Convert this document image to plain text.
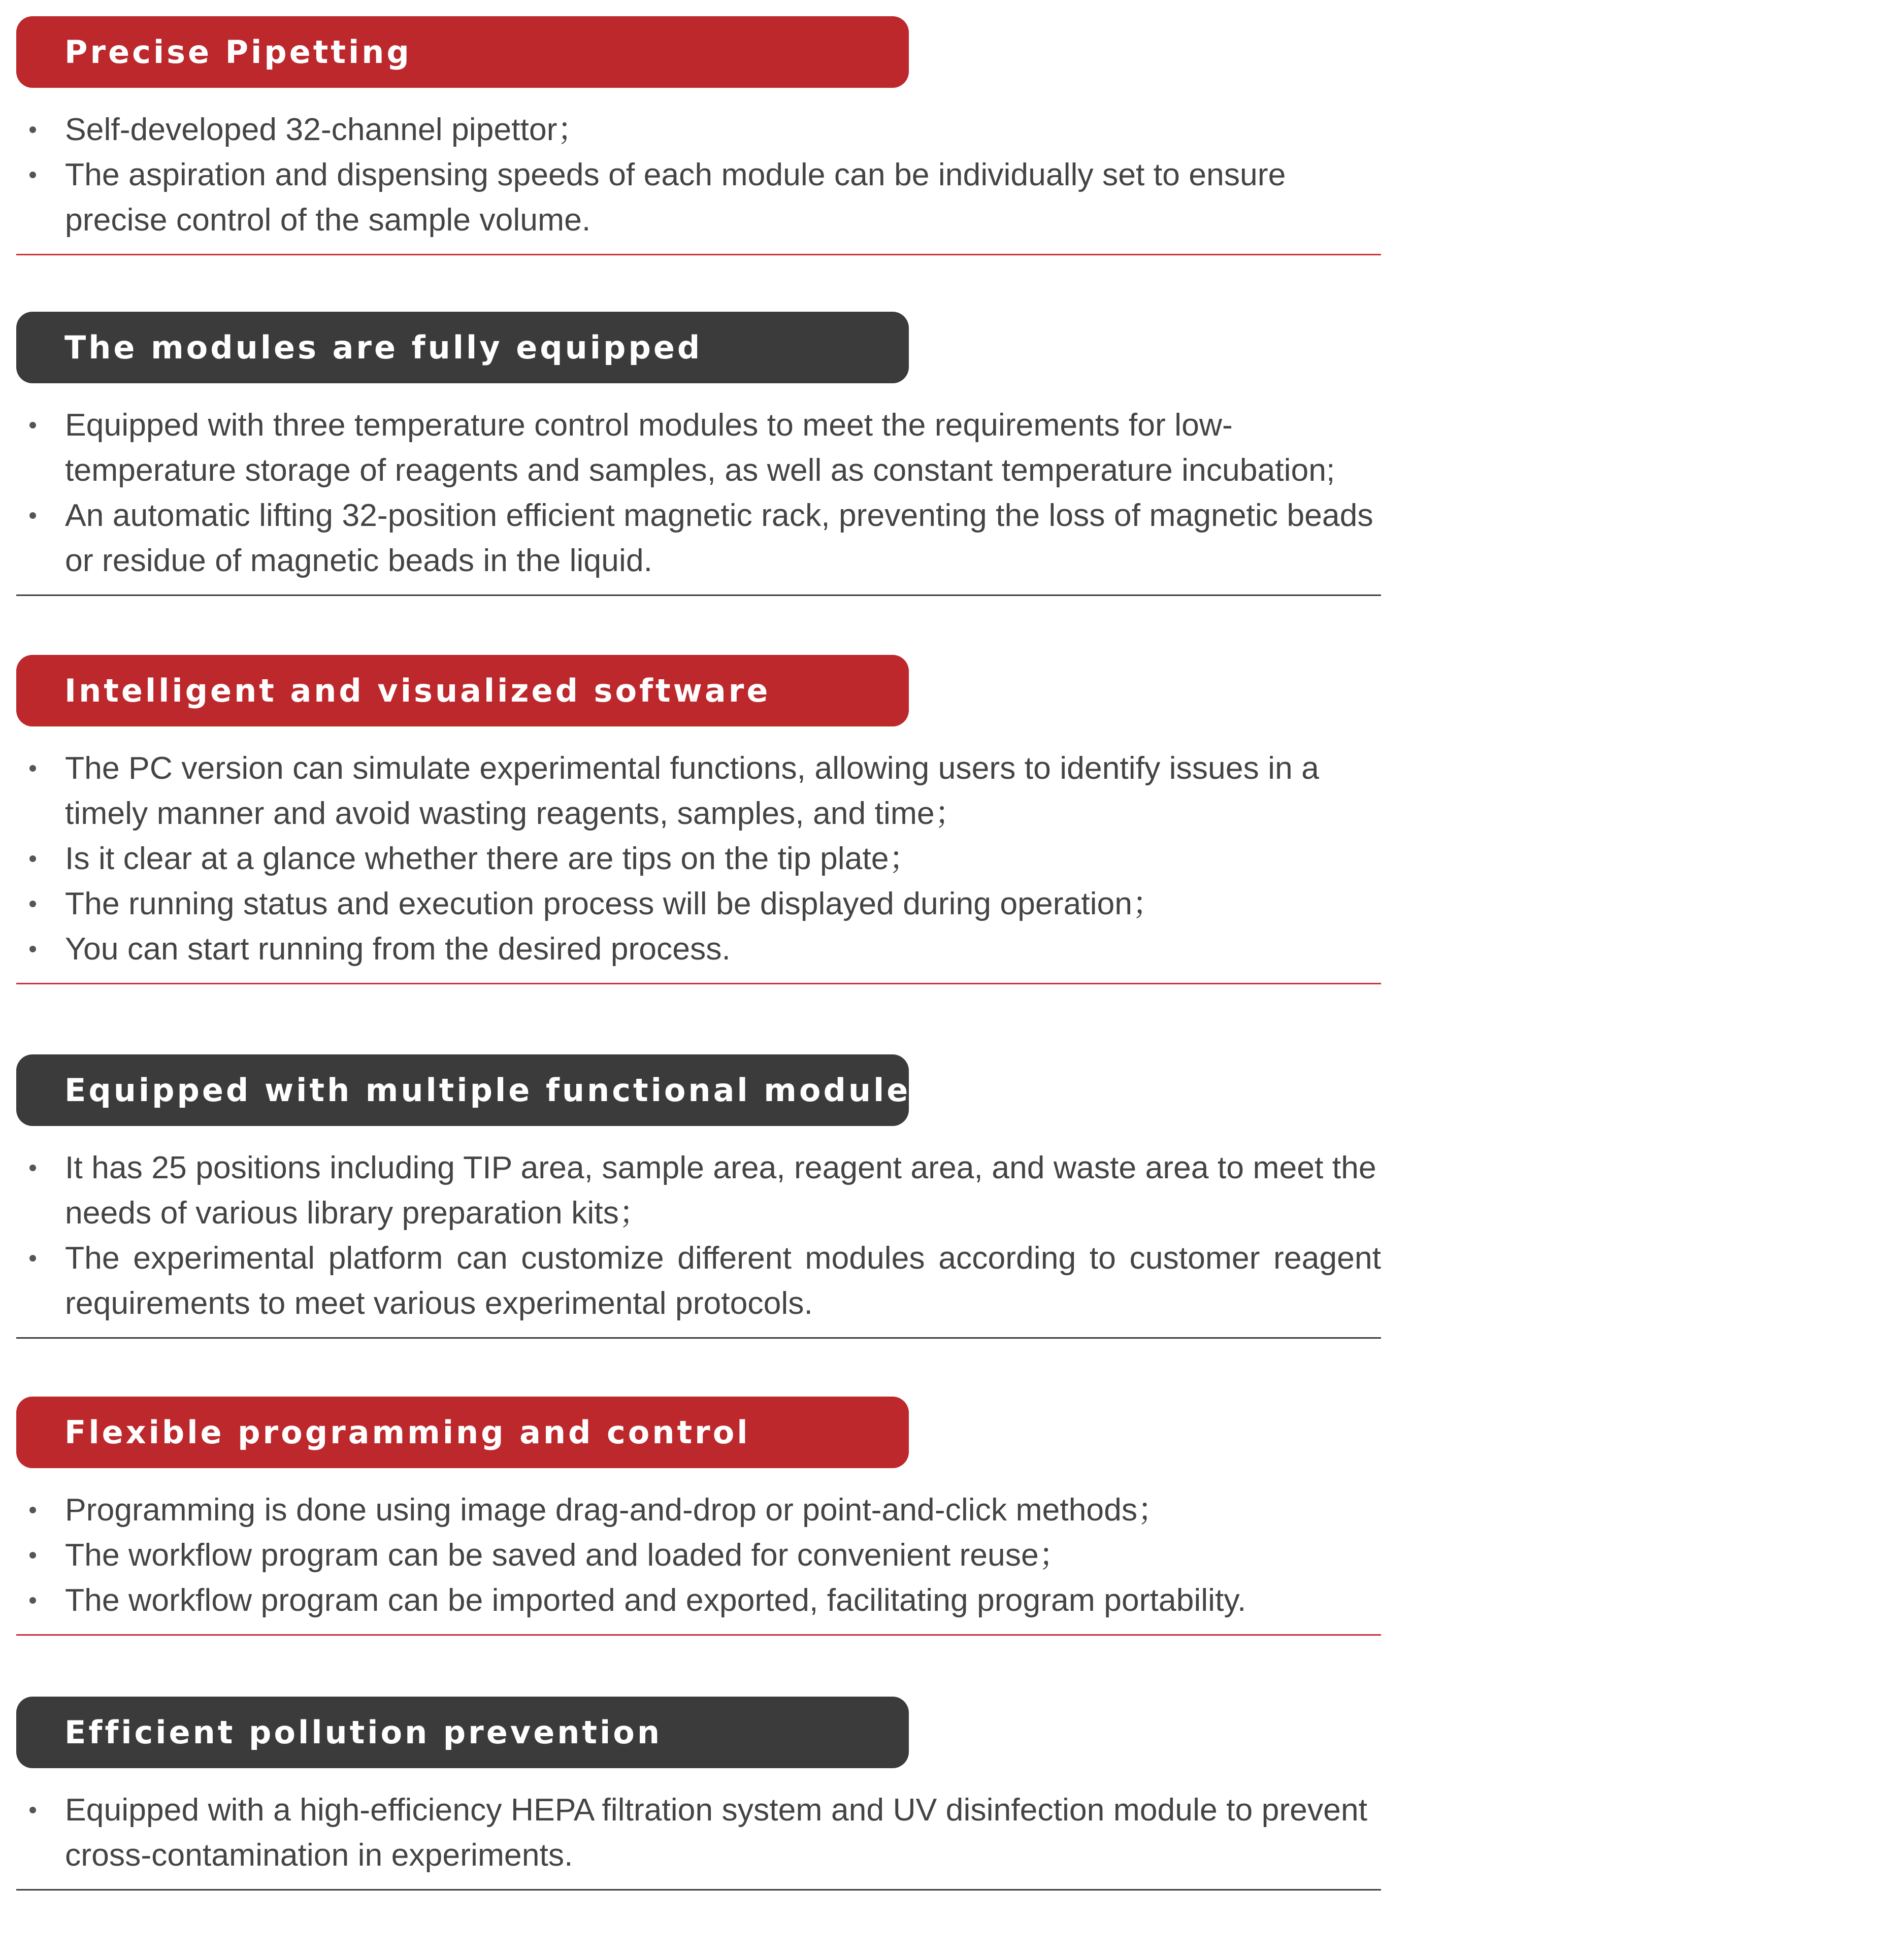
Precise Pipetting
Self-developed 32-channel pipettor；
The aspiration and dispensing speeds of each module can be individually set to ensure precise control of the sample volume.
The modules are fully equipped
Equipped with three temperature control modules to meet the requirements for low-temperature storage of reagents and samples, as well as constant temperature incubation;
An automatic lifting 32-position efficient magnetic rack, preventing the loss of magnetic beads or residue of magnetic beads in the liquid.
Intelligent and visualized software
The PC version can simulate experimental functions, allowing users to identify issues in a timely manner and avoid wasting reagents, samples, and time；
Is it clear at a glance whether there are tips on the tip plate；
The running status and execution process will be displayed during operation；
You can start running from the desired process.
Equipped with multiple functional modules
It has 25 positions including TIP area, sample area, reagent area, and waste area to meet the needs of various library preparation kits；
The experimental platform can customize different modules according to customer reagent requirements to meet various experimental protocols.
Flexible programming and control
Programming is done using image drag-and-drop or point-and-click methods；
The workflow program can be saved and loaded for convenient reuse；
The workflow program can be imported and exported, facilitating program portability.
Efficient pollution prevention
Equipped with a high-efficiency HEPA filtration system and UV disinfection module to prevent cross-contamination in experiments.
